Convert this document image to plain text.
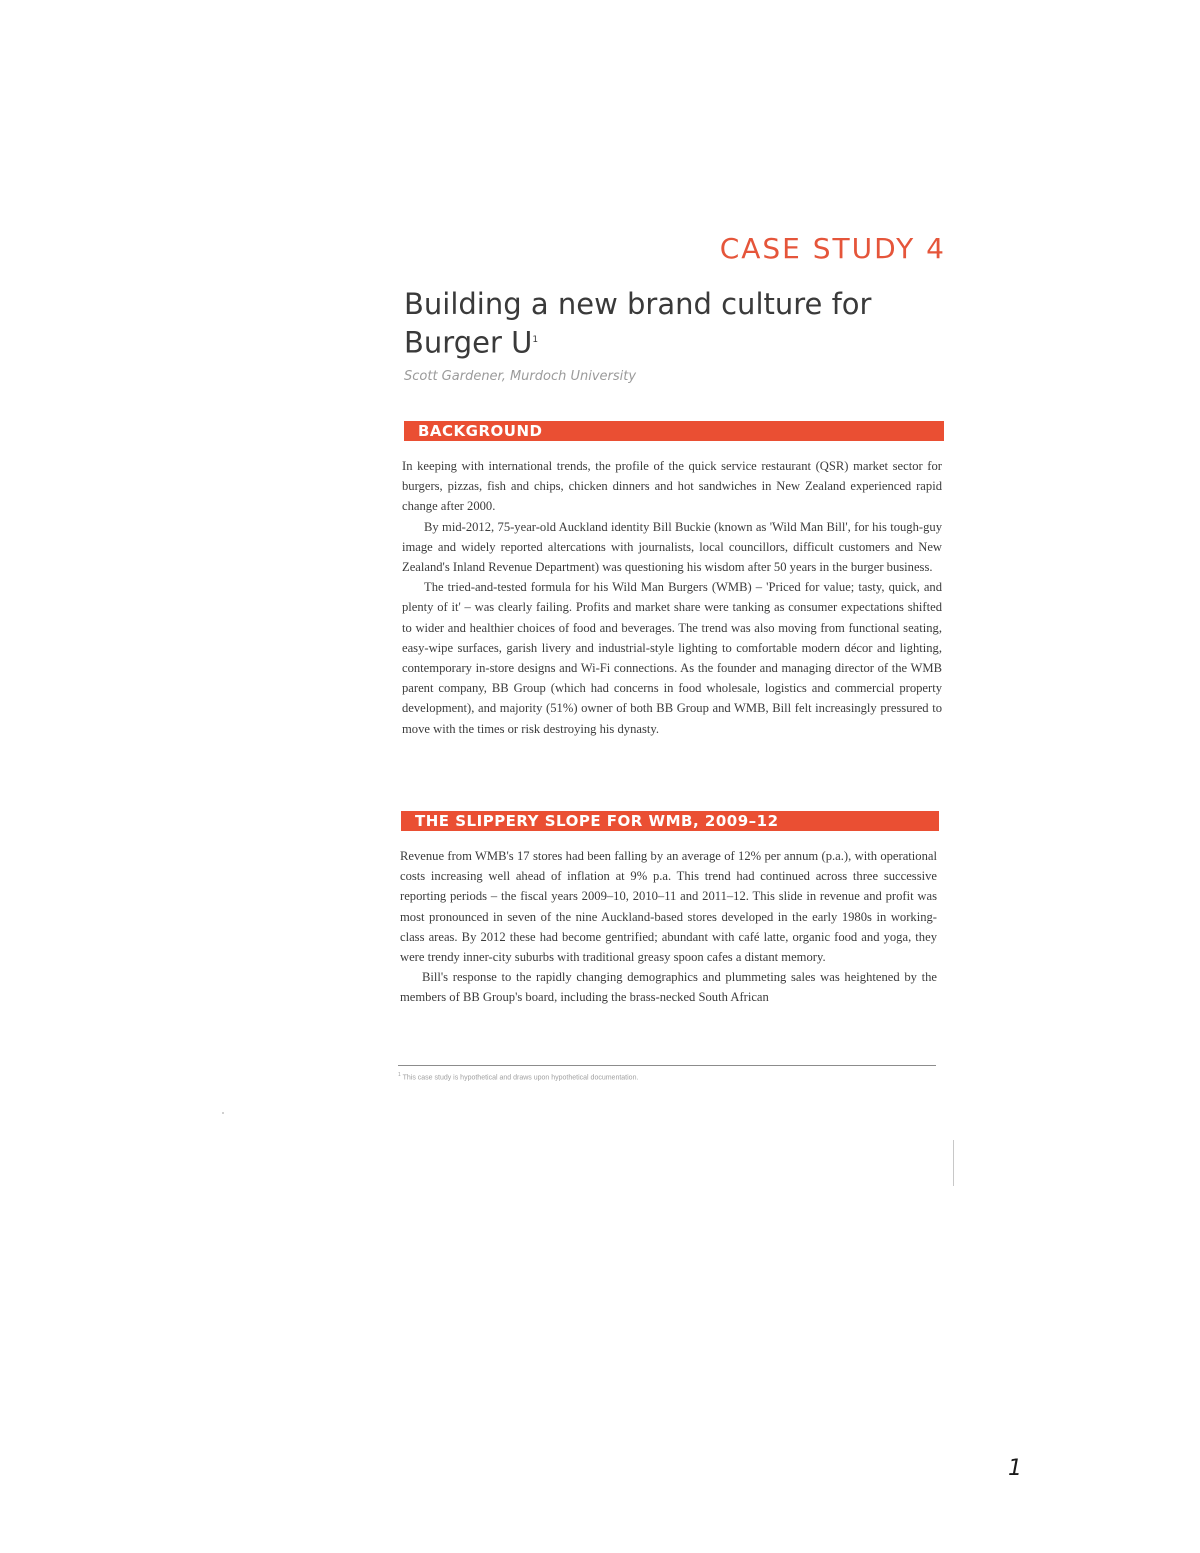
CASE STUDY 4
Building a new brand culture for
Burger $U^1$
Scott Gardener, Murdoch University
BACKGROUND

In keeping with international trends, the profile of the quick service restaurant (QSR) market sector for burgers, pizzas, fish and chips, chicken dinners and hot sandwiches in New Zealand experienced rapid change after 2000.

By mid-2012, 75-year-old Auckland identity Bill Buckie (known as 'Wild Man Bill', for his tough-guy image and widely reported altercations with journalists, local councillors, difficult customers and New Zealand's Inland Revenue Department) was questioning his wisdom after 50 years in the burger business.

The tried-and-tested formula for his Wild Man Burgers (WMB) – 'Priced for value; tasty, quick, and plenty of it' – was clearly failing. Profits and market share were tanking as consumer expectations shifted to wider and healthier choices of food and beverages. The trend was also moving from functional seating, easy-wipe surfaces, garish livery and industrial-style lighting to comfortable modern décor and lighting, contemporary in-store designs and Wi-Fi connections. As the founder and managing director of the WMB parent company, BB Group (which had concerns in food wholesale, logistics and commercial property development), and majority (51%) owner of both BB Group and WMB, Bill felt increasingly pressured to move with the times or risk destroying his dynasty.

THE SLIPPERY SLOPE FOR WMB, 2009–12

Revenue from WMB's 17 stores had been falling by an average of 12% per annum (p.a.), with operational costs increasing well ahead of inflation at 9% p.a. This trend had continued across three successive reporting periods – the fiscal years 2009–10, 2010–11 and 2011–12. This slide in revenue and profit was most pronounced in seven of the nine Auckland-based stores developed in the early 1980s in working-class areas. By 2012 these had become gentrified; abundant with café latte, organic food and yoga, they were trendy inner-city suburbs with traditional greasy spoon cafes a distant memory.

Bill's response to the rapidly changing demographics and plummeting sales was heightened by the members of BB Group's board, including the brass-necked South African

$^1$ This case study is hypothetical and draws upon hypothetical documentation.
1
